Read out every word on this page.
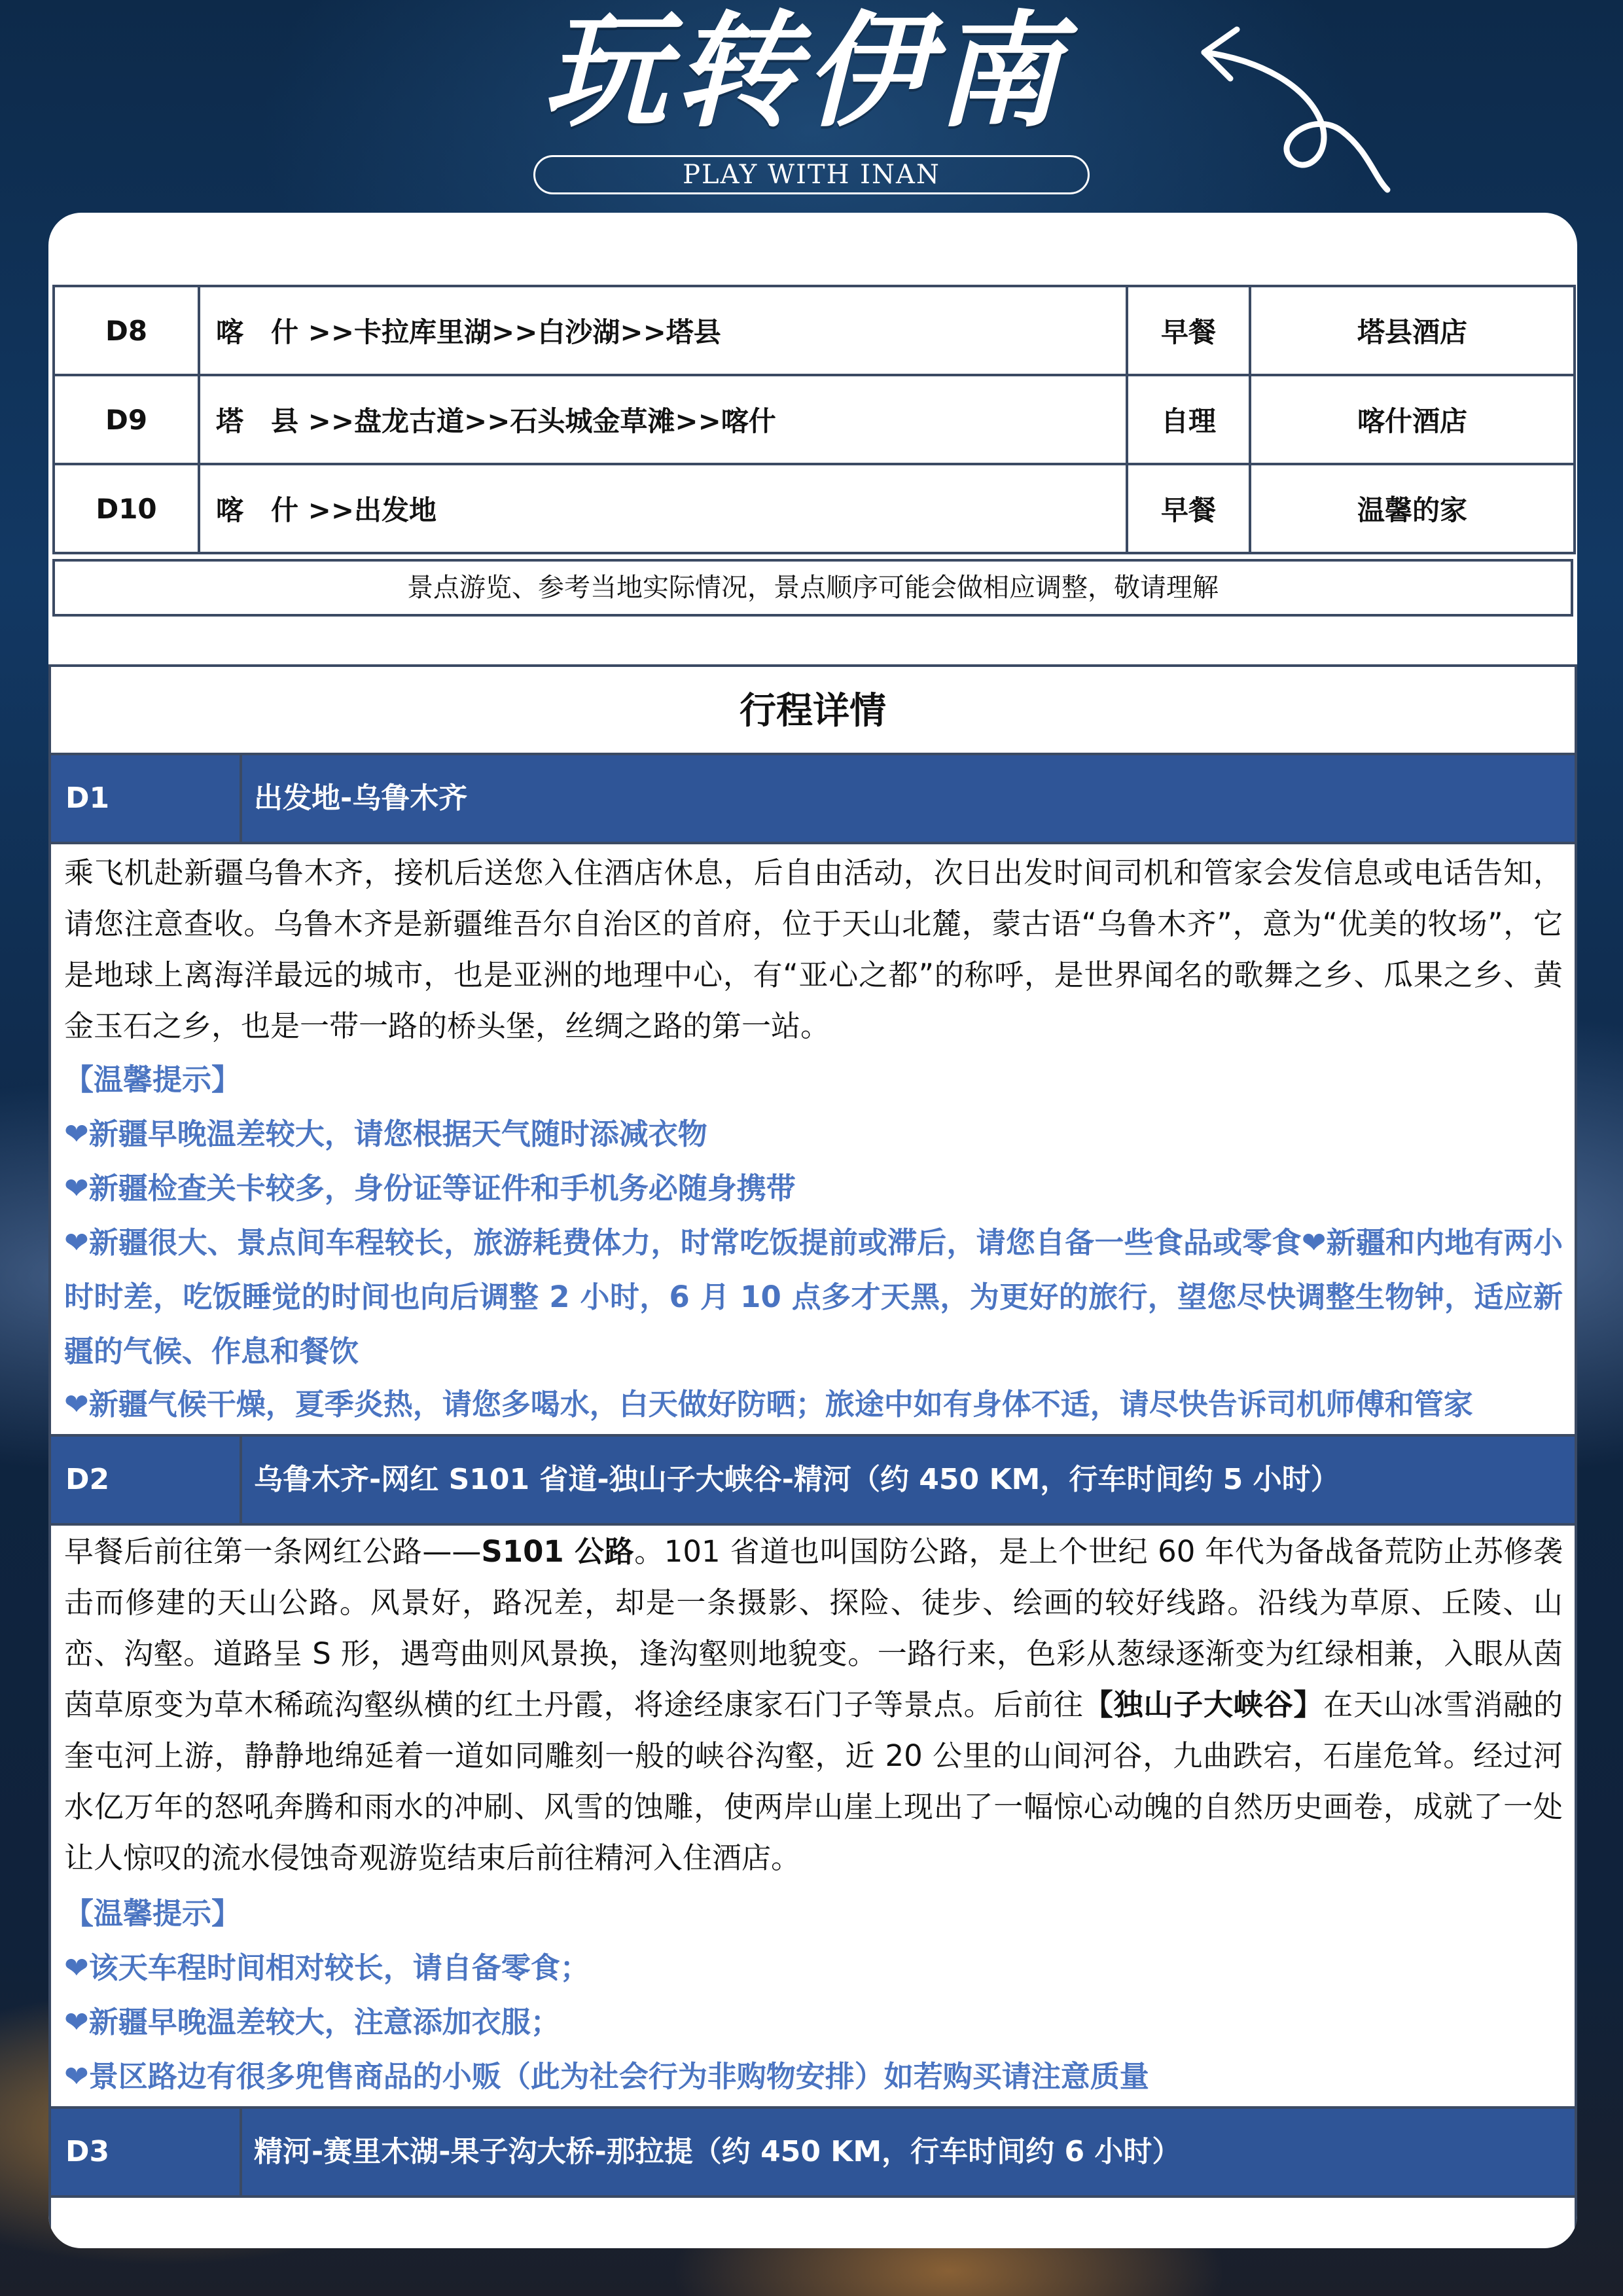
玩转伊南
PLAY WITH INAN
D8	喀　什 >>卡拉库里湖>>白沙湖>>塔县	早餐	塔县酒店
D9	塔　县 >>盘龙古道>>石头城金草滩>>喀什	自理	喀什酒店
D10	喀　什 >>出发地	早餐	温馨的家
景点游览、参考当地实际情况，景点顺序可能会做相应调整，敬请理解
行程详情
D1	出发地-乌鲁木齐

乘飞机赴新疆乌鲁木齐，接机后送您入住酒店休息，后自由活动，次日出发时间司机和管家会发信息或电话告知，请您注意查收。乌鲁木齐是新疆维吾尔自治区的首府，位于天山北麓，蒙古语“乌鲁木齐”，意为“优美的牧场”，它是地球上离海洋最远的城市，也是亚洲的地理中心，有“亚心之都”的称呼，是世界闻名的歌舞之乡、瓜果之乡、黄金玉石之乡，也是一带一路的桥头堡，丝绸之路的第一站。

【温馨提示】

❤新疆早晚温差较大，请您根据天气随时添减衣物

❤新疆检查关卡较多，身份证等证件和手机务必随身携带

❤新疆很大、景点间车程较长，旅游耗费体力，时常吃饭提前或滞后，请您自备一些食品或零食❤新疆和内地有两小时时差，吃饭睡觉的时间也向后调整 2 小时，6 月 10 点多才天黑，为更好的旅行，望您尽快调整生物钟，适应新疆的气候、作息和餐饮

❤新疆气候干燥，夏季炎热，请您多喝水，白天做好防晒；旅途中如有身体不适，请尽快告诉司机师傅和管家

D2	乌鲁木齐-网红 S101 省道-独山子大峡谷-精河（约 450 KM，行车时间约 5 小时）

早餐后前往第一条网红公路——S101 公路。101 省道也叫国防公路，是上个世纪 60 年代为备战备荒防止苏修袭击而修建的天山公路。风景好，路况差，却是一条摄影、探险、徒步、绘画的较好线路。沿线为草原、丘陵、山峦、沟壑。道路呈 S 形，遇弯曲则风景换，逢沟壑则地貌变。一路行来，色彩从葱绿逐渐变为红绿相兼，入眼从茵茵草原变为草木稀疏沟壑纵横的红土丹霞，将途经康家石门子等景点。后前往【独山子大峡谷】在天山冰雪消融的奎屯河上游，静静地绵延着一道如同雕刻一般的峡谷沟壑，近 20 公里的山间河谷，九曲跌宕，石崖危耸。经过河水亿万年的怒吼奔腾和雨水的冲刷、风雪的蚀雕，使两岸山崖上现出了一幅惊心动魄的自然历史画卷，成就了一处让人惊叹的流水侵蚀奇观游览结束后前往精河入住酒店。

【温馨提示】

❤该天车程时间相对较长，请自备零食；

❤新疆早晚温差较大，注意添加衣服；

❤景区路边有很多兜售商品的小贩（此为社会行为非购物安排）如若购买请注意质量

D3	精河-赛里木湖-果子沟大桥-那拉提（约 450 KM，行车时间约 6 小时）
